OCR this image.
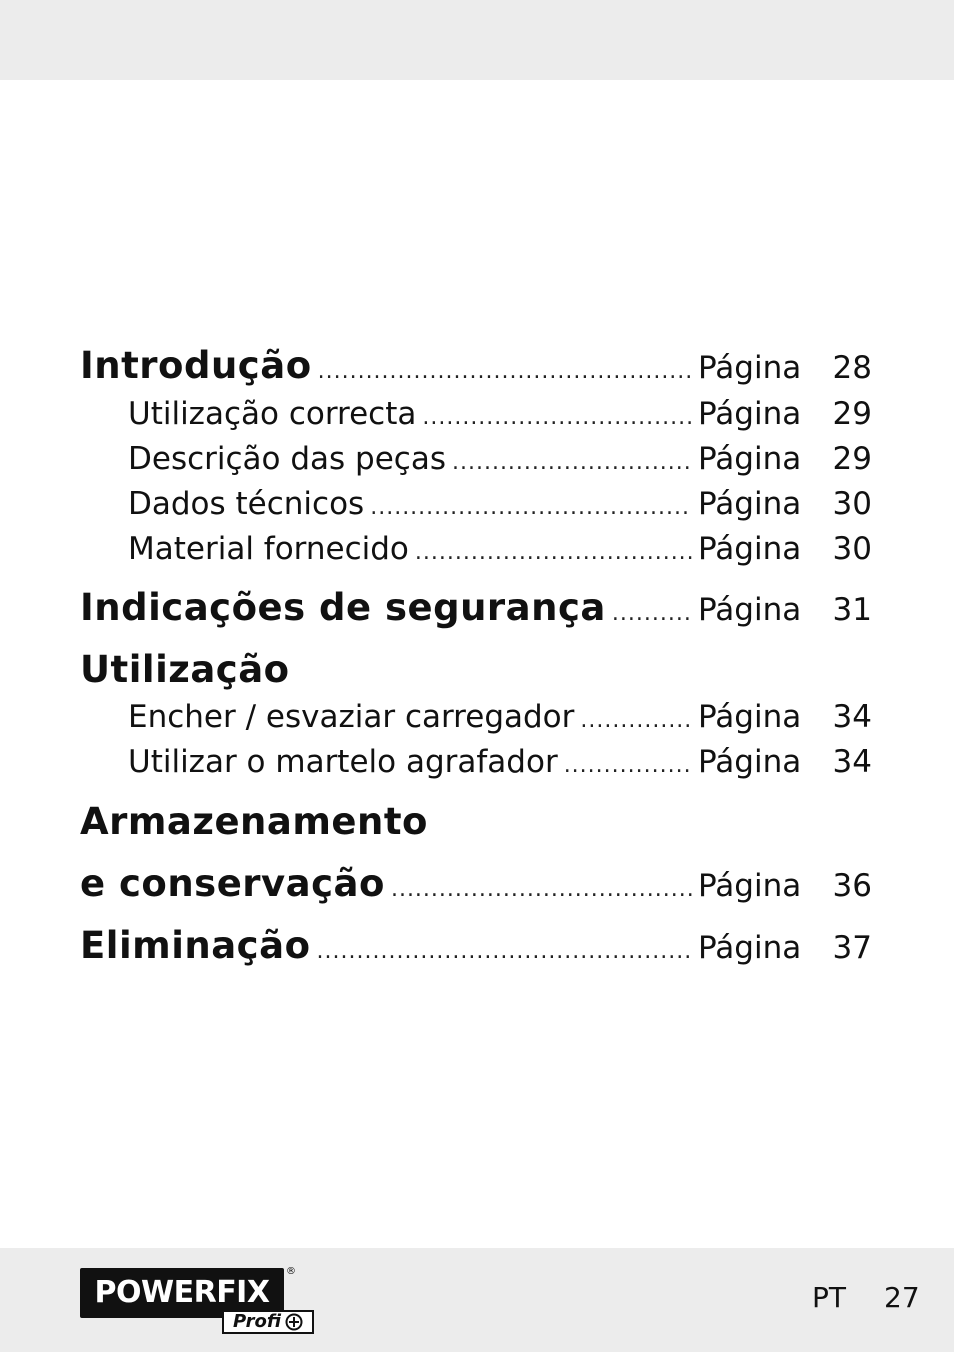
Introdução .....	Página	28
Utilização correcta .....	Página	29
Descrição das peças .....	Página	29
Dados técnicos .....	Página	30
Material fornecido .....	Página	30
Indicações de segurança .....	Página	31
Utilização
Encher / esvaziar carregador .....	Página	34
Utilizar o martelo agrafador .....	Página	34
Armazenamento
e conservação .....	Página	36
Eliminação .....	Página	37
POWERFIX
®
Profi
PT 27
